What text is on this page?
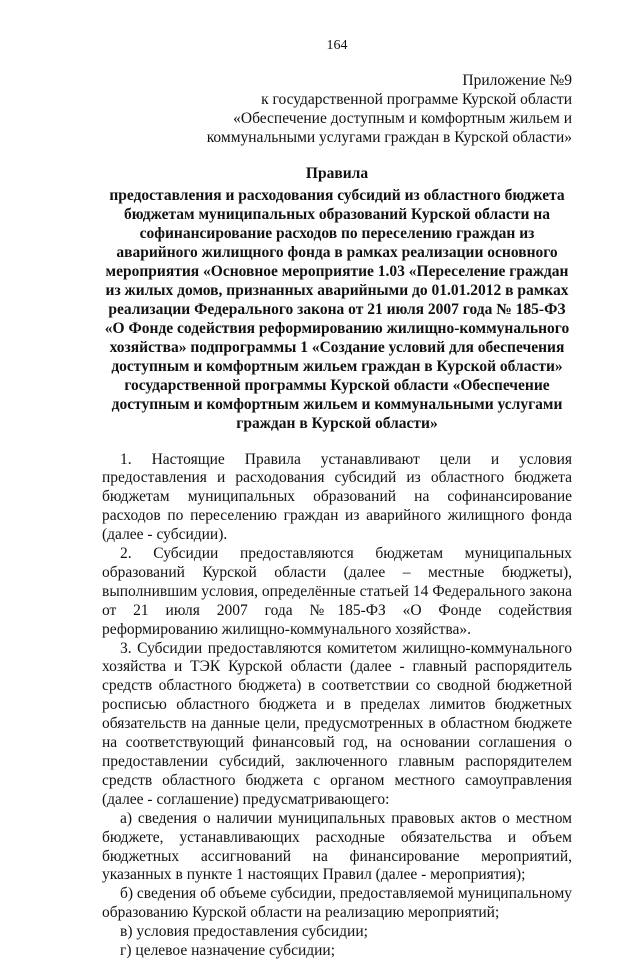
164
Приложение №9
к государственной программе Курской области
«Обеспечение доступным и комфортным жильем и
коммунальными услугами граждан в Курской области»
Правила
предоставления и расходования субсидий из областного бюджета бюджетам муниципальных образований Курской области на софинансирование расходов по переселению граждан из аварийного жилищного фонда в рамках реализации основного мероприятия «Основное мероприятие 1.03 «Переселение граждан из жилых домов, признанных аварийными до 01.01.2012 в рамках реализации Федерального закона от 21 июля 2007 года № 185-ФЗ «О Фонде содействия реформированию жилищно-коммунального хозяйства» подпрограммы 1 «Создание условий для обеспечения доступным и комфортным жильем граждан в Курской области» государственной программы Курской области «Обеспечение доступным и комфортным жильем и коммунальными услугами граждан в Курской области»

1. Настоящие Правила устанавливают цели и условия предоставления и расходования субсидий из областного бюджета бюджетам муниципальных образований на софинансирование расходов по переселению граждан из аварийного жилищного фонда (далее - субсидии).

2. Субсидии предоставляются бюджетам муниципальных образований Курской области (далее – местные бюджеты), выполнившим условия, определённые статьей 14 Федерального закона от 21 июля 2007 года №185-ФЗ «О Фонде содействия реформированию жилищно-коммунального хозяйства».

3. Субсидии предоставляются комитетом жилищно-коммунального хозяйства и ТЭК Курской области (далее - главный распорядитель средств областного бюджета) в соответствии со сводной бюджетной росписью областного бюджета и в пределах лимитов бюджетных обязательств на данные цели, предусмотренных в областном бюджете на соответствующий финансовый год, на основании соглашения о предоставлении субсидий, заключенного главным распорядителем средств областного бюджета с органом местного самоуправления (далее - соглашение) предусматривающего:

а) сведения о наличии муниципальных правовых актов о местном бюджете, устанавливающих расходные обязательства и объем бюджетных ассигнований на финансирование мероприятий, указанных в пункте 1 настоящих Правил (далее - мероприятия);

б) сведения об объеме субсидии, предоставляемой муниципальному образованию Курской области на реализацию мероприятий;

в) условия предоставления субсидии;

г) целевое назначение субсидии;
